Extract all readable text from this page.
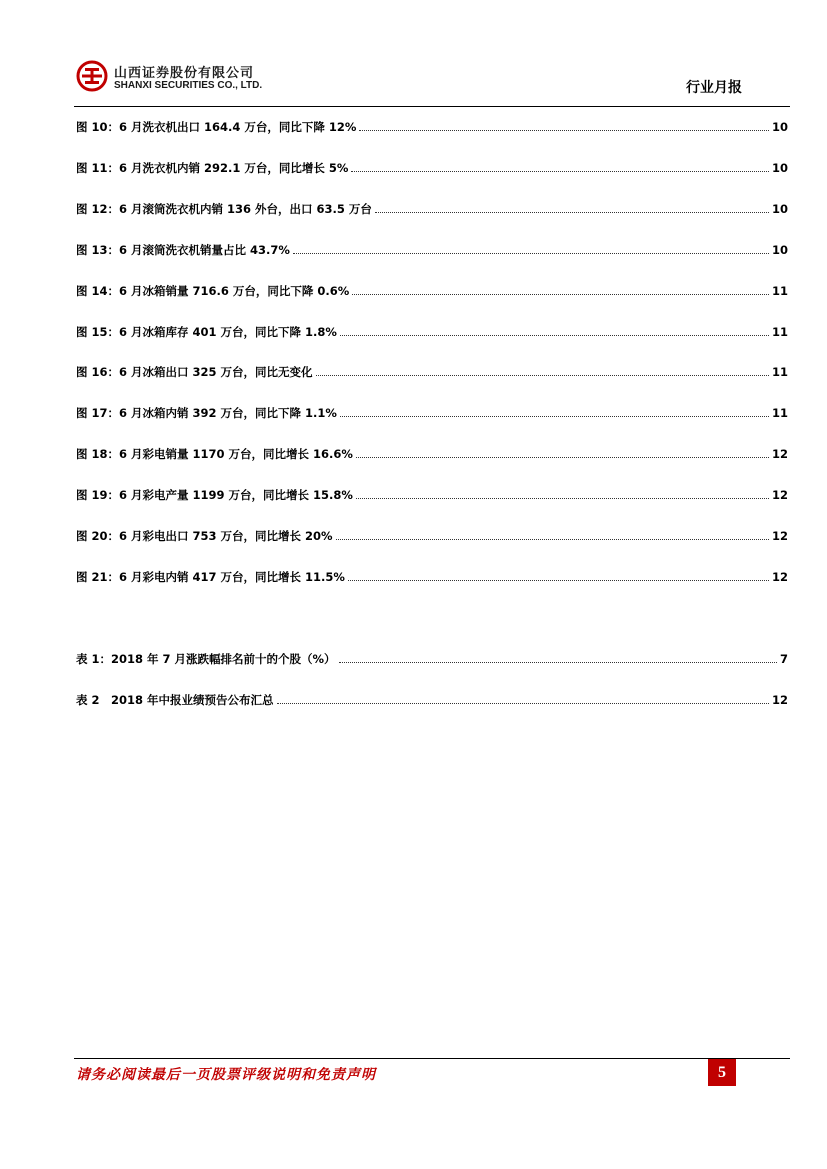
山西证券股份有限公司
SHANXI SECURITIES CO., LTD.	行业月报
图 10：6 月洗衣机出口 164.4 万台，同比下降 12%	10
图 11：6 月洗衣机内销 292.1 万台，同比增长 5%	10
图 12：6 月滚筒洗衣机内销 136 外台，出口 63.5 万台	10
图 13：6 月滚筒洗衣机销量占比 43.7%	10
图 14：6 月冰箱销量 716.6 万台，同比下降 0.6%	11
图 15：6 月冰箱库存 401 万台，同比下降 1.8%	11
图 16：6 月冰箱出口 325 万台，同比无变化	11
图 17：6 月冰箱内销 392 万台，同比下降 1.1%	11
图 18：6 月彩电销量 1170 万台，同比增长 16.6%	12
图 19：6 月彩电产量 1199 万台，同比增长 15.8%	12
图 20：6 月彩电出口 753 万台，同比增长 20%	12
图 21：6 月彩电内销 417 万台，同比增长 11.5%	12
表 1：2018 年 7 月涨跌幅排名前十的个股（%）	7
表 2　2018 年中报业绩预告公布汇总	12
请务必阅读最后一页股票评级说明和免责声明	5
